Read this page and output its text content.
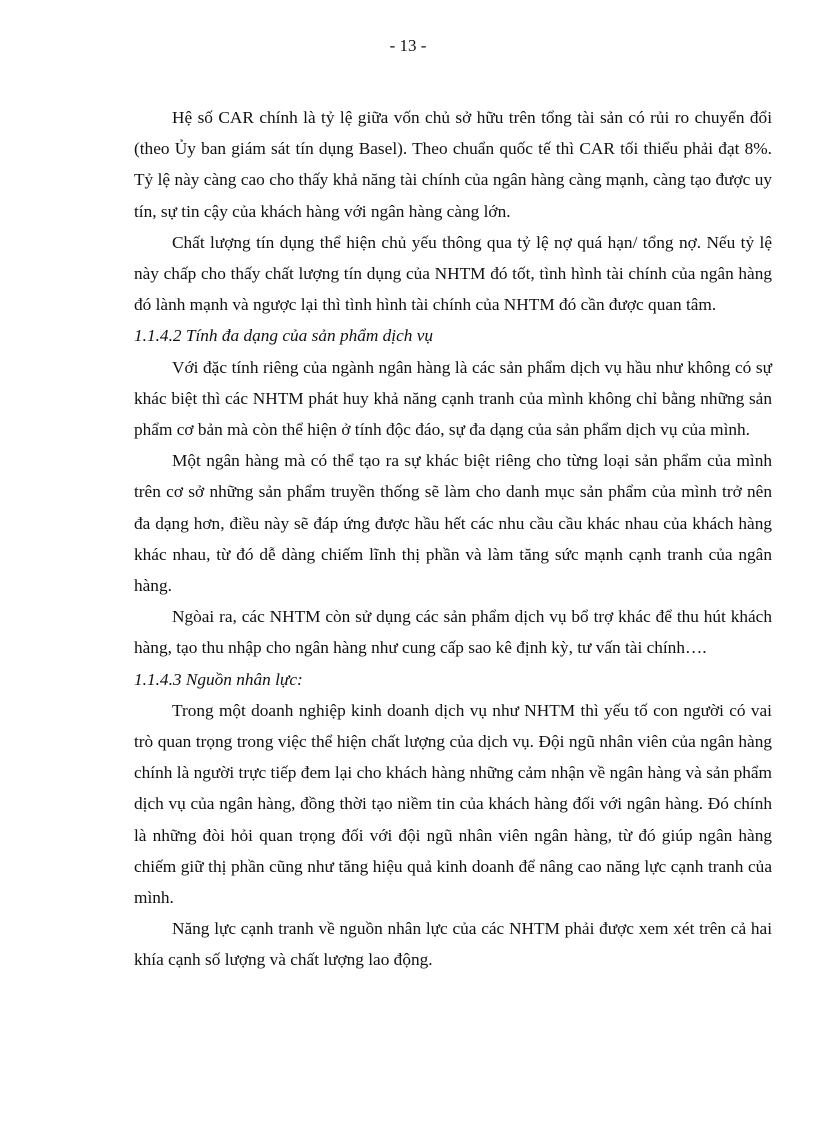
- 13 -

Hệ số CAR chính là tỷ lệ giữa vốn chủ sở hữu trên tổng tài sản có rủi ro chuyển đổi (theo Ủy ban giám sát tín dụng Basel). Theo chuẩn quốc tế thì CAR tối thiểu phải đạt 8%. Tỷ lệ này càng cao cho thấy khả năng tài chính của ngân hàng càng mạnh, càng tạo được uy tín, sự tin cậy của khách hàng với ngân hàng càng lớn.

Chất lượng tín dụng thể hiện chủ yếu thông qua tỷ lệ nợ quá hạn/ tổng nợ. Nếu tỷ lệ này chấp cho thấy chất lượng tín dụng của NHTM đó tốt, tình hình tài chính của ngân hàng đó lành mạnh và ngược lại thì tình hình tài chính của NHTM đó cần được quan tâm.

1.1.4.2 Tính đa dạng của sản phẩm dịch vụ

Với đặc tính riêng của ngành ngân hàng là các sản phẩm dịch vụ hầu như không có sự khác biệt thì các NHTM phát huy khả năng cạnh tranh của mình không chỉ bằng những sản phẩm cơ bản mà còn thể hiện ở tính độc đáo, sự đa dạng của sản phẩm dịch vụ của mình.

Một ngân hàng mà có thể tạo ra sự khác biệt riêng cho từng loại sản phẩm của mình trên cơ sở những sản phẩm truyền thống sẽ làm cho danh mục sản phẩm của mình trở nên đa dạng hơn, điều này sẽ đáp ứng được hầu hết các nhu cầu cầu khác nhau của khách hàng khác nhau, từ đó dễ dàng chiếm lĩnh thị phần và làm tăng sức mạnh cạnh tranh của ngân hàng.

Ngòai ra, các NHTM còn sử dụng các sản phẩm dịch vụ bổ trợ khác để thu hút khách hàng, tạo thu nhập cho ngân hàng như cung cấp sao kê định kỳ, tư vấn tài chính….

1.1.4.3 Nguồn nhân lực:

Trong một doanh nghiệp kinh doanh dịch vụ như NHTM thì yếu tố con người có vai trò quan trọng trong việc thể hiện chất lượng của dịch vụ. Đội ngũ nhân viên của ngân hàng chính là người trực tiếp đem lại cho khách hàng những cảm nhận về ngân hàng và sản phẩm dịch vụ của ngân hàng, đồng thời tạo niềm tin của khách hàng đối với ngân hàng. Đó chính là những đòi hỏi quan trọng đối với đội ngũ nhân viên ngân hàng, từ đó giúp ngân hàng chiếm giữ thị phần cũng như tăng hiệu quả kinh doanh để nâng cao năng lực cạnh tranh của mình.

Năng lực cạnh tranh về nguồn nhân lực của các NHTM phải được xem xét trên cả hai khía cạnh số lượng và chất lượng lao động.
